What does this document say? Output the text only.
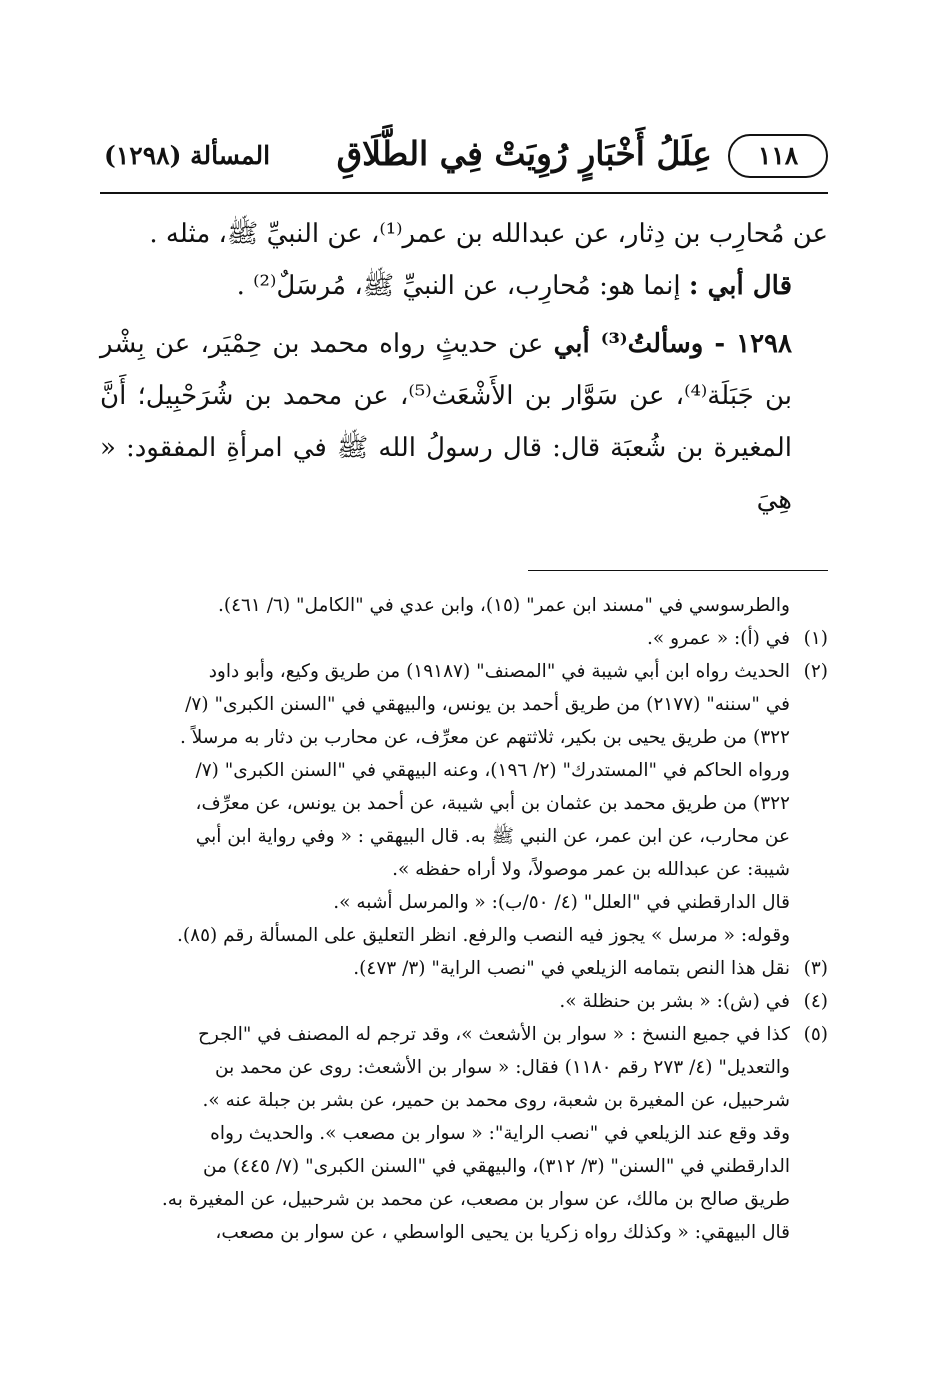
١١٨
عِلَلُ أَخْبَارٍ رُوِيَتْ فِي الطَّلَاقِ
المسألة (١٢٩٨)

عن مُحارِب بن دِثار، عن عبدالله بن عمر⁽¹⁾، عن النبيِّ ﷺ، مثله .

قال أبي : إنما هو: مُحارِب، عن النبيِّ ﷺ، مُرسَلٌ⁽²⁾ .

١٢٩٨ - وسألتُ⁽³⁾ أبي عن حديثٍ رواه محمد بن حِمْيَر، عن بِشْر بن جَبَلَة⁽⁴⁾، عن سَوَّار بن الأَشْعَث⁽⁵⁾، عن محمد بن شُرَحْبِيل؛ أَنَّ المغيرة بن شُعبَة قال: قال رسولُ الله ﷺ في امرأةِ المفقود: « هِيَ

والطرسوسي في "مسند ابن عمر" (١٥)، وابن عدي في "الكامل" (٦/ ٤٦١).
(١)
في (أ): « عمرو ».
(٢)
الحديث رواه ابن أبي شيبة في "المصنف" (١٩١٨٧) من طريق وكيع، وأبو داود
في "سننه" (٢١٧٧) من طريق أحمد بن يونس، والبيهقي في "السنن الكبرى" (٧/
٣٢٢) من طريق يحيى بن بكير، ثلاثتهم عن معرِّف، عن محارب بن دثار به مرسلاً .
ورواه الحاكم في "المستدرك" (٢/ ١٩٦)، وعنه البيهقي في "السنن الكبرى" (٧/
٣٢٢) من طريق محمد بن عثمان بن أبي شيبة، عن أحمد بن يونس، عن معرِّف،
عن محارب، عن ابن عمر، عن النبي ﷺ به. قال البيهقي : « وفي رواية ابن أبي
شيبة: عن عبدالله بن عمر موصولاً، ولا أراه حفظه ».
قال الدارقطني في "العلل" (٤/ ٥٠/ب): « والمرسل أشبه ».
وقوله: « مرسل » يجوز فيه النصب والرفع. انظر التعليق على المسألة رقم (٨٥).
(٣)
نقل هذا النص بتمامه الزيلعي في "نصب الراية" (٣/ ٤٧٣).
(٤)
في (ش): « بشر بن حنظلة ».
(٥)
كذا في جميع النسخ : « سوار بن الأشعث »، وقد ترجم له المصنف في "الجرح
والتعديل" (٤/ ٢٧٣ رقم ١١٨٠) فقال: « سوار بن الأشعث: روى عن محمد بن
شرحبيل، عن المغيرة بن شعبة، روى محمد بن حمير، عن بشر بن جبلة عنه ».
وقد وقع عند الزيلعي في "نصب الراية": « سوار بن مصعب ». والحديث رواه
الدارقطني في "السنن" (٣/ ٣١٢)، والبيهقي في "السنن الكبرى" (٧/ ٤٤٥) من
طريق صالح بن مالك، عن سوار بن مصعب، عن محمد بن شرحبيل، عن المغيرة به.
قال البيهقي: « وكذلك رواه زكريا بن يحيى الواسطي ، عن سوار بن مصعب،
